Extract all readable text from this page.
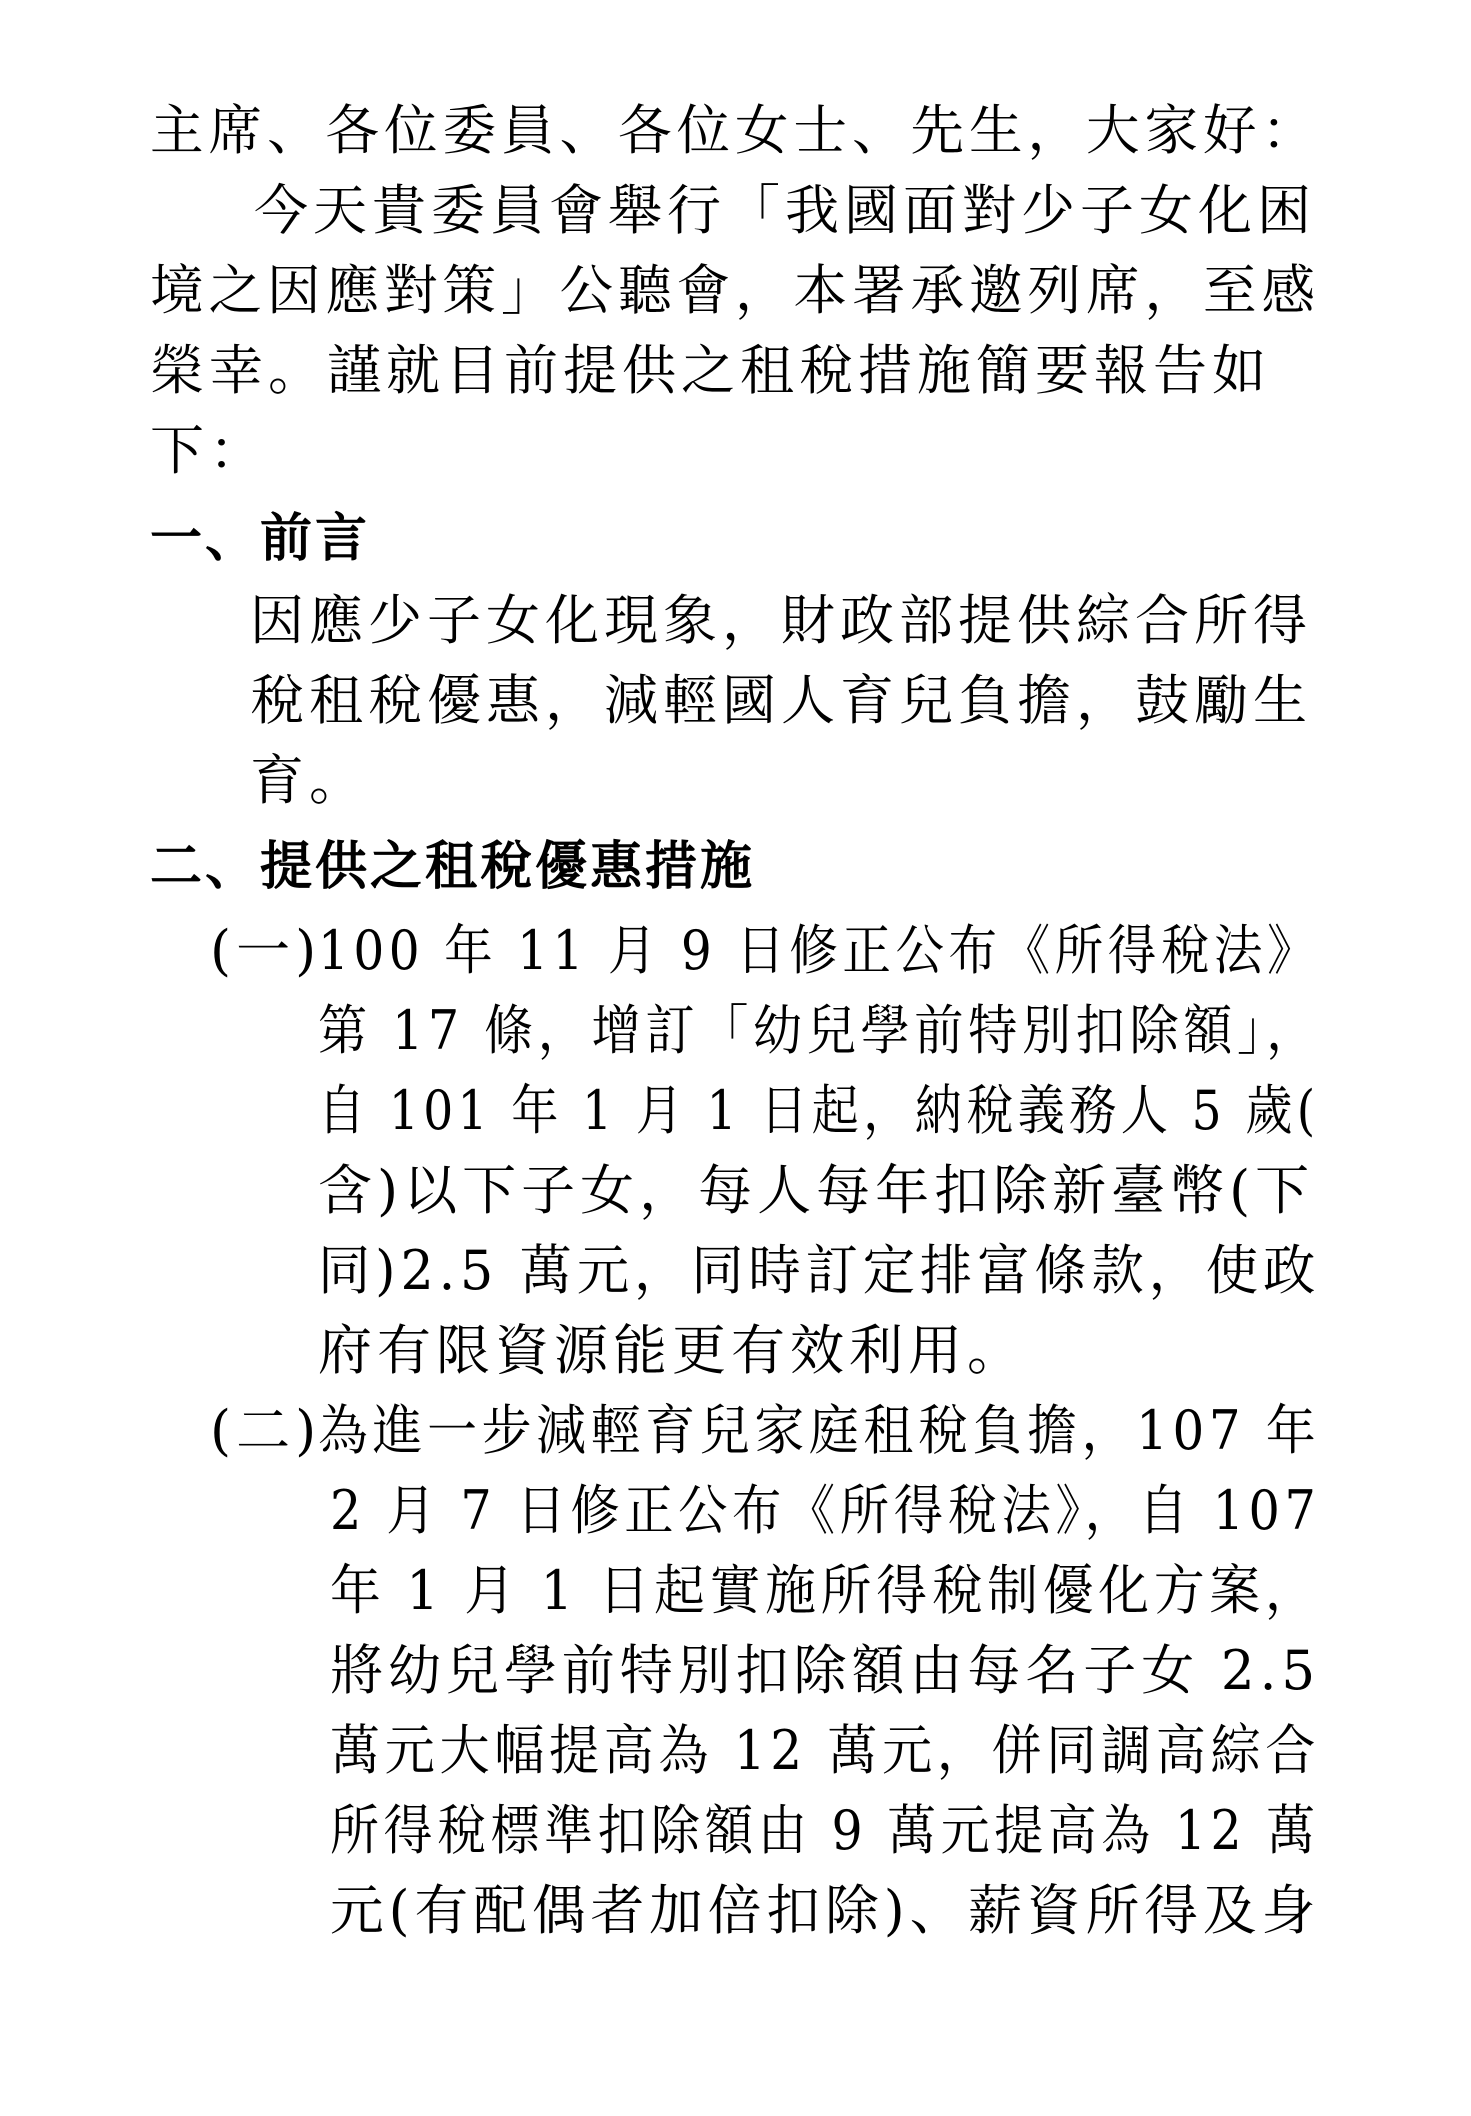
主席、各位委員、各位女士、先生，大家好：
今天貴委員會舉行「我國面對少子女化困
境之因應對策」公聽會，本署承邀列席，至感
榮幸。謹就目前提供之租稅措施簡要報告如
下：
一、前言
因應少子女化現象，財政部提供綜合所得
稅租稅優惠，減輕國人育兒負擔，鼓勵生
育。
二、提供之租稅優惠措施
(一)
100 年 11 月 9 日修正公布《所得稅法》
第 17 條，增訂「幼兒學前特別扣除額」，
自 101 年 1 月 1 日起，納稅義務人 5 歲(
含)以下子女，每人每年扣除新臺幣(下
同)2.5 萬元，同時訂定排富條款，使政
府有限資源能更有效利用。
(二)
為進一步減輕育兒家庭租稅負擔，107 年
2 月 7 日修正公布《所得稅法》，自 107
年 1 月 1 日起實施所得稅制優化方案，
將幼兒學前特別扣除額由每名子女 2.5
萬元大幅提高為 12 萬元，併同調高綜合
所得稅標準扣除額由 9 萬元提高為 12 萬
元(有配偶者加倍扣除)、薪資所得及身
